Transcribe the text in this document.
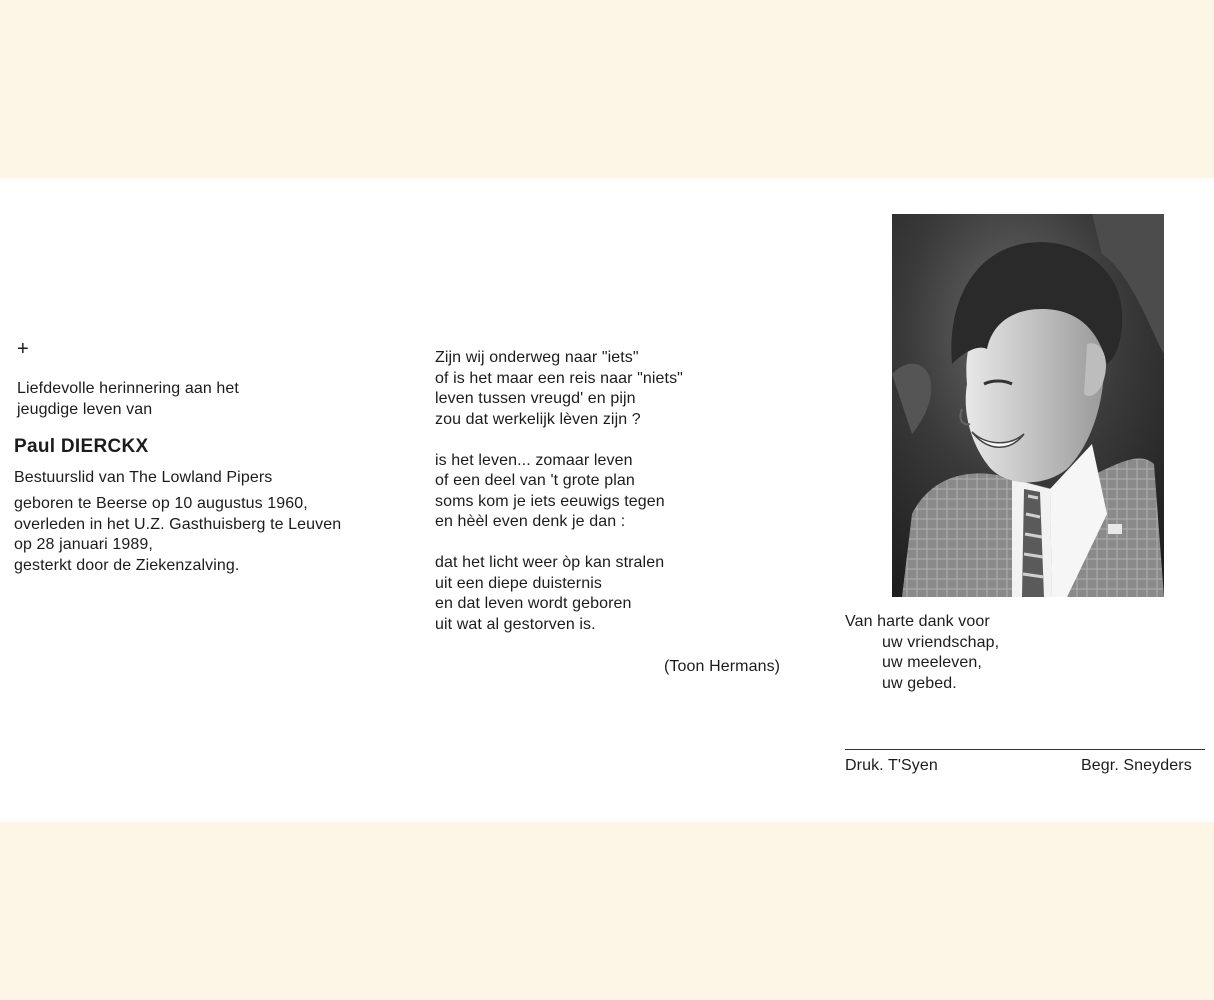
+
Liefdevolle herinnering aan het
jeugdige leven van
Paul DIERCKX
Bestuurslid van The Lowland Pipers
geboren te Beerse op 10 augustus 1960,
overleden in het U.Z. Gasthuisberg te Leuven
op 28 januari 1989,
gesterkt door de Ziekenzalving.
Zijn wij onderweg naar "iets"
of is het maar een reis naar "niets"
leven tussen vreugd' en pijn
zou dat werkelijk lèven zijn ?
is het leven... zomaar leven
of een deel van 't grote plan
soms kom je iets eeuwigs tegen
en hèèl even denk je dan :
dat het licht weer òp kan stralen
uit een diepe duisternis
en dat leven wordt geboren
uit wat al gestorven is.
(Toon Hermans)
Van harte dank voor
uw vriendschap,
uw meeleven,
uw gebed.
Druk. T'Syen	Begr. Sneyders
